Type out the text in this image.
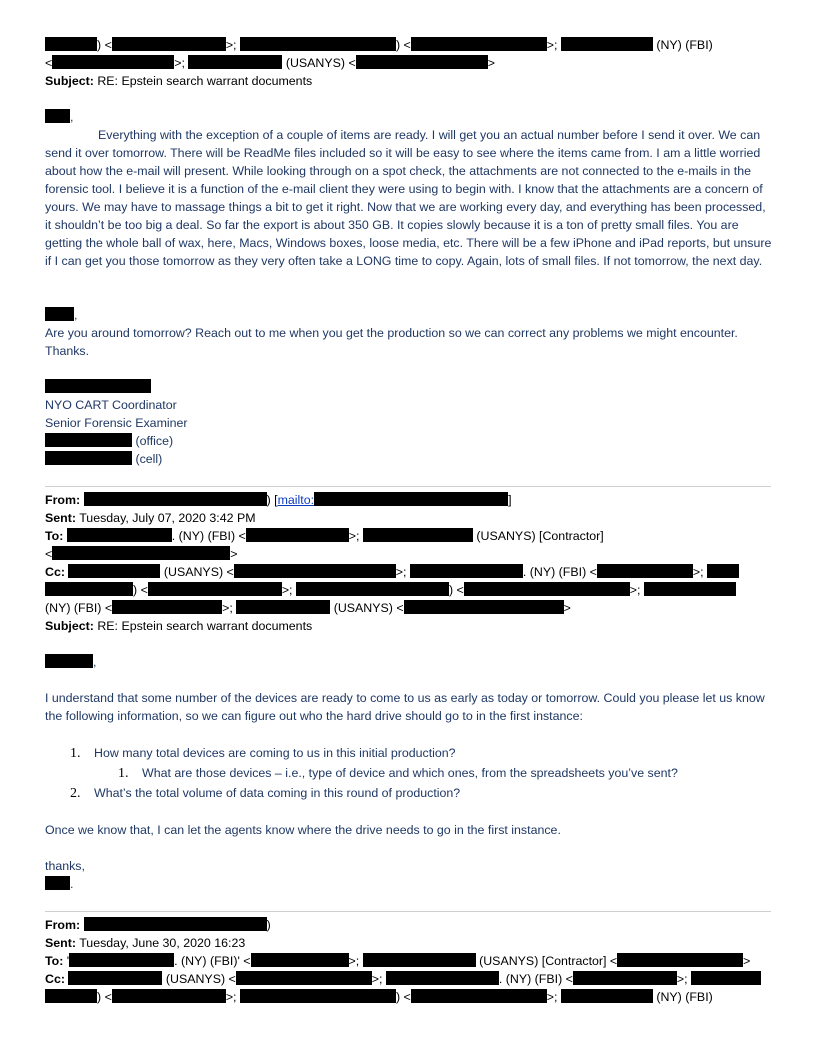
) <	>;	) <	>;	(NY) (FBI)
<	>;	(USANYS) <	>
Subject: RE: Epstein search warrant documents
,
Everything with the exception of a couple of items are ready. I will get you an actual number before I send it over. We can send it over tomorrow. There will be ReadMe files included so it will be easy to see where the items came from. I am a little worried about how the e-mail will present. While looking through on a spot check, the attachments are not connected to the e-mails in the forensic tool. I believe it is a function of the e-mail client they were using to begin with. I know that the attachments are a concern of yours. We may have to massage things a bit to get it right. Now that we are working every day, and everything has been processed, it shouldn’t be too big a deal. So far the export is about 350 GB. It copies slowly because it is a ton of pretty small files. You are getting the whole ball of wax, here, Macs, Windows boxes, loose media, etc. There will be a few iPhone and iPad reports, but unsure if I can get you those tomorrow as they very often take a LONG time to copy. Again, lots of small files. If not tomorrow, the next day.
,
Are you around tomorrow? Reach out to me when you get the production so we can correct any problems we might encounter. Thanks.
NYO CART Coordinator
Senior Forensic Examiner
(office)
(cell)
From:	) [mailto:	]
Sent: Tuesday, July 07, 2020 3:42 PM
To:	. (NY) (FBI) <	>;	(USANYS) [Contractor]
<	>
Cc:	(USANYS) <	>;	. (NY) (FBI) <	>;
) <	>;	) <	>;
(NY) (FBI) <	>;	(USANYS) <	>
Subject: RE: Epstein search warrant documents
,
I understand that some number of the devices are ready to come to us as early as today or tomorrow. Could you please let us know the following information, so we can figure out who the hard drive should go to in the first instance:
1. How many total devices are coming to us in this initial production?
1. What are those devices – i.e., type of device and which ones, from the spreadsheets you’ve sent?
2. What’s the total volume of data coming in this round of production?
Once we know that, I can let the agents know where the drive needs to go in the first instance.
thanks,
.
From:	)
Sent: Tuesday, June 30, 2020 16:23
To: '	. (NY) (FBI)' <	>;	(USANYS) [Contractor] <	>
Cc:	(USANYS) <	>;	. (NY) (FBI) <	>;
) <	>;	) <	>;	(NY) (FBI)
